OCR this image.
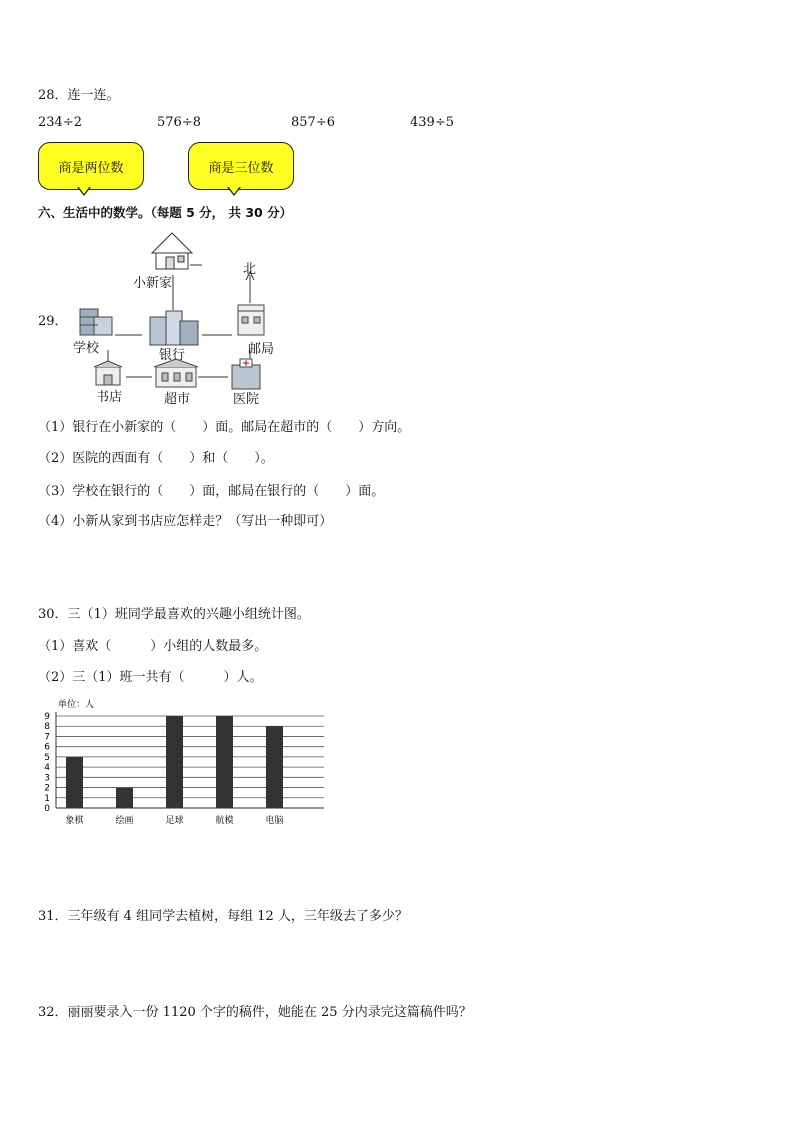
28．连一连。
234÷2	576÷8	857÷6	439÷5
商是两位数	商是三位数
六、生活中的数学。（每题 5 分， 共 30 分）
29．
小新家
北
学校	银行	邮局
书店	超市	医院
（1）银行在小新家的（　　）面。邮局在超市的（　　）方向。
（2）医院的西面有（　　）和（　　）。
（3）学校在银行的（　　）面，邮局在银行的（　　）面。
（4）小新从家到书店应怎样走？（写出一种即可）
30．三（1）班同学最喜欢的兴趣小组统计图。
（1）喜欢（　　　）小组的人数最多。
（2）三（1）班一共有（　　　）人。
单位：人
0
1
2
3
4
5
6
7
8
9
象棋	绘画	足球	航模	电脑
31．三年级有 4 组同学去植树，每组 12 人，三年级去了多少？
32．丽丽要录入一份 1120 个字的稿件，她能在 25 分内录完这篇稿件吗？
